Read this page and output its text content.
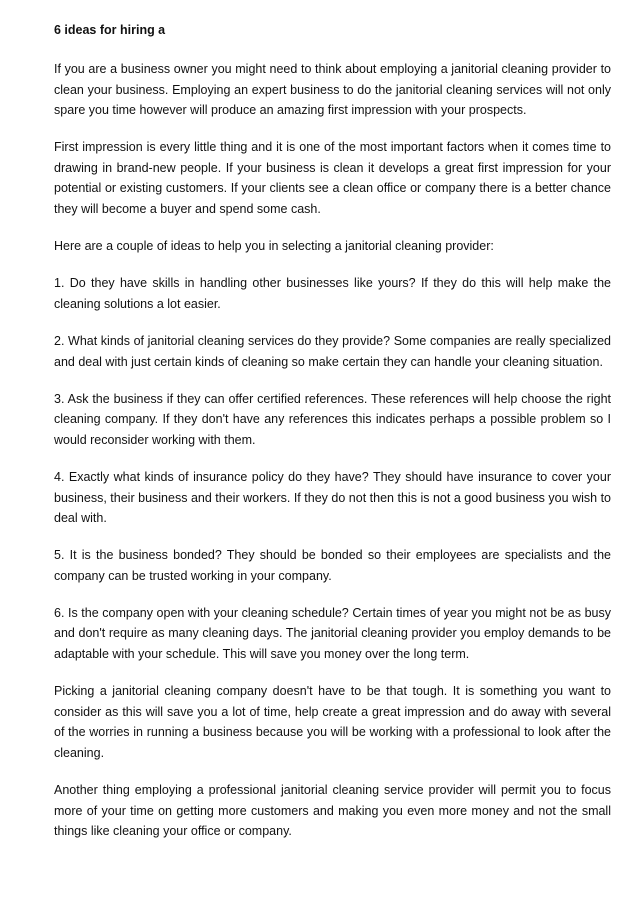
6 ideas for hiring a

If you are a business owner you might need to think about employing a janitorial cleaning provider to clean your business. Employing an expert business to do the janitorial cleaning services will not only spare you time however will produce an amazing first impression with your prospects.

First impression is every little thing and it is one of the most important factors when it comes time to drawing in brand-new people. If your business is clean it develops a great first impression for your potential or existing customers. If your clients see a clean office or company there is a better chance they will become a buyer and spend some cash.

Here are a couple of ideas to help you in selecting a janitorial cleaning provider:

1. Do they have skills in handling other businesses like yours? If they do this will help make the cleaning solutions a lot easier.

2. What kinds of janitorial cleaning services do they provide? Some companies are really specialized and deal with just certain kinds of cleaning so make certain they can handle your cleaning situation.

3. Ask the business if they can offer certified references. These references will help choose the right cleaning company. If they don't have any references this indicates perhaps a possible problem so I would reconsider working with them.

4. Exactly what kinds of insurance policy do they have? They should have insurance to cover your business, their business and their workers. If they do not then this is not a good business you wish to deal with.

5. It is the business bonded? They should be bonded so their employees are specialists and the company can be trusted working in your company.

6. Is the company open with your cleaning schedule? Certain times of year you might not be as busy and don't require as many cleaning days. The janitorial cleaning provider you employ demands to be adaptable with your schedule. This will save you money over the long term.

Picking a janitorial cleaning company doesn't have to be that tough. It is something you want to consider as this will save you a lot of time, help create a great impression and do away with several of the worries in running a business because you will be working with a professional to look after the cleaning.

Another thing employing a professional janitorial cleaning service provider will permit you to focus more of your time on getting more customers and making you even more money and not the small things like cleaning your office or company.
